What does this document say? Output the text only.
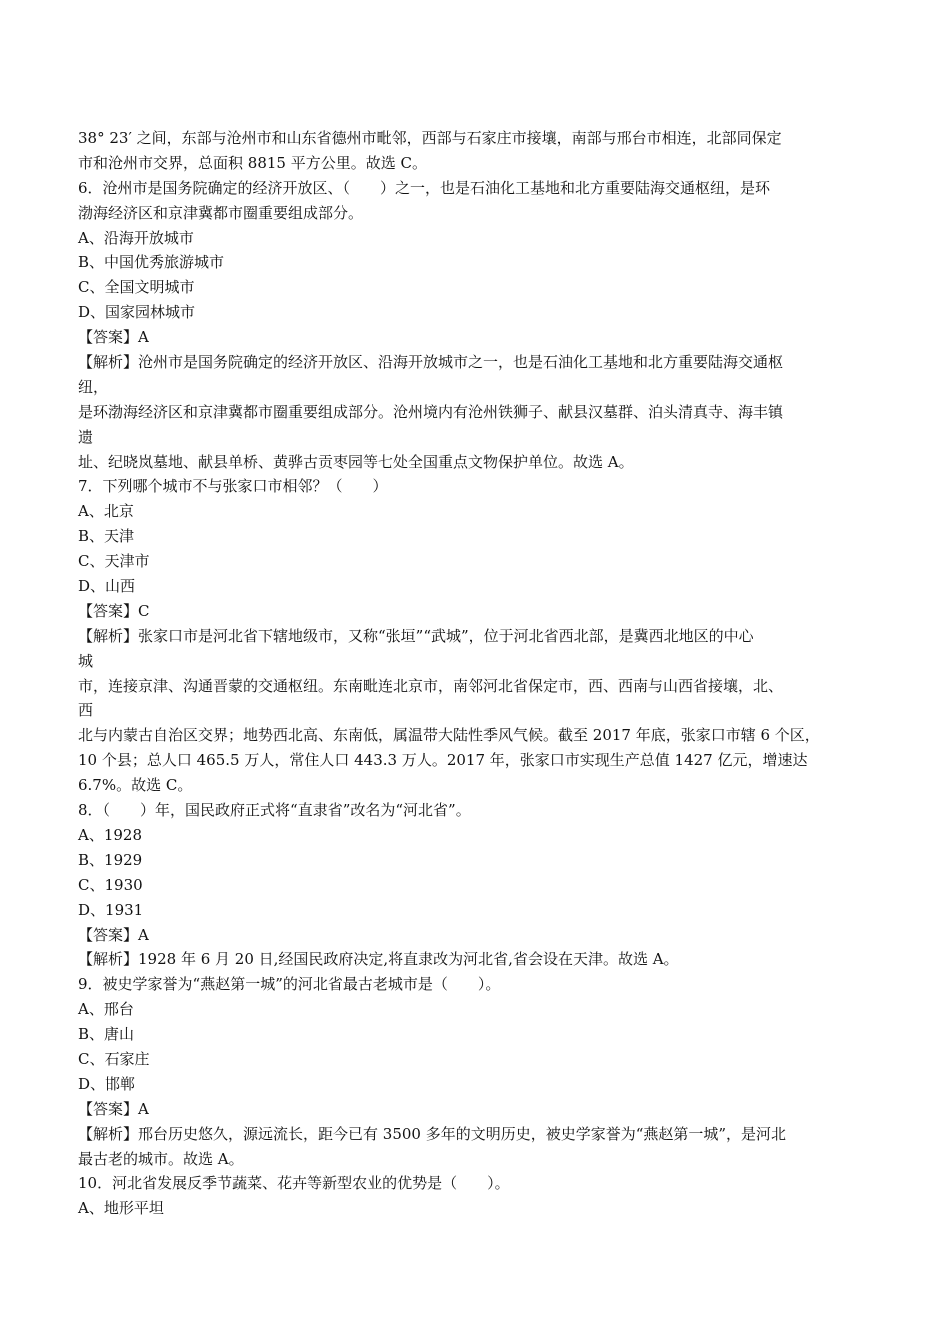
38° 23′ 之间，东部与沧州市和山东省德州市毗邻，西部与石家庄市接壤，南部与邢台市相连，北部同保定
市和沧州市交界，总面积 8815 平方公里。故选 C。
6．沧州市是国务院确定的经济开放区、（　　）之一，也是石油化工基地和北方重要陆海交通枢纽，是环
渤海经济区和京津冀都市圈重要组成部分。
A、沿海开放城市
B、中国优秀旅游城市
C、全国文明城市
D、国家园林城市
【答案】A
【解析】沧州市是国务院确定的经济开放区、沿海开放城市之一，也是石油化工基地和北方重要陆海交通枢
纽，
是环渤海经济区和京津冀都市圈重要组成部分。沧州境内有沧州铁狮子、献县汉墓群、泊头清真寺、海丰镇
遗
址、纪晓岚墓地、献县单桥、黄骅古贡枣园等七处全国重点文物保护单位。故选 A。
7．下列哪个城市不与张家口市相邻？（　　）
A、北京
B、天津
C、天津市
D、山西
【答案】C
【解析】张家口市是河北省下辖地级市，又称“张垣”“武城”，位于河北省西北部，是冀西北地区的中心
城
市，连接京津、沟通晋蒙的交通枢纽。东南毗连北京市，南邻河北省保定市，西、西南与山西省接壤，北、
西
北与内蒙古自治区交界；地势西北高、东南低，属温带大陆性季风气候。截至 2017 年底，张家口市辖 6 个区，
10 个县；总人口 465.5 万人，常住人口 443.3 万人。2017 年，张家口市实现生产总值 1427 亿元，增速达
6.7%。故选 C。
8．（　　）年，国民政府正式将“直隶省”改名为“河北省”。
A、1928
B、1929
C、1930
D、1931
【答案】A
【解析】1928 年 6 月 20 日,经国民政府决定,将直隶改为河北省,省会设在天津。故选 A。
9．被史学家誉为“燕赵第一城”的河北省最古老城市是（　　）。
A、邢台
B、唐山
C、石家庄
D、邯郸
【答案】A
【解析】邢台历史悠久，源远流长，距今已有 3500 多年的文明历史，被史学家誉为“燕赵第一城”，是河北
最古老的城市。故选 A。
10．河北省发展反季节蔬菜、花卉等新型农业的优势是（　　）。
A、地形平坦
